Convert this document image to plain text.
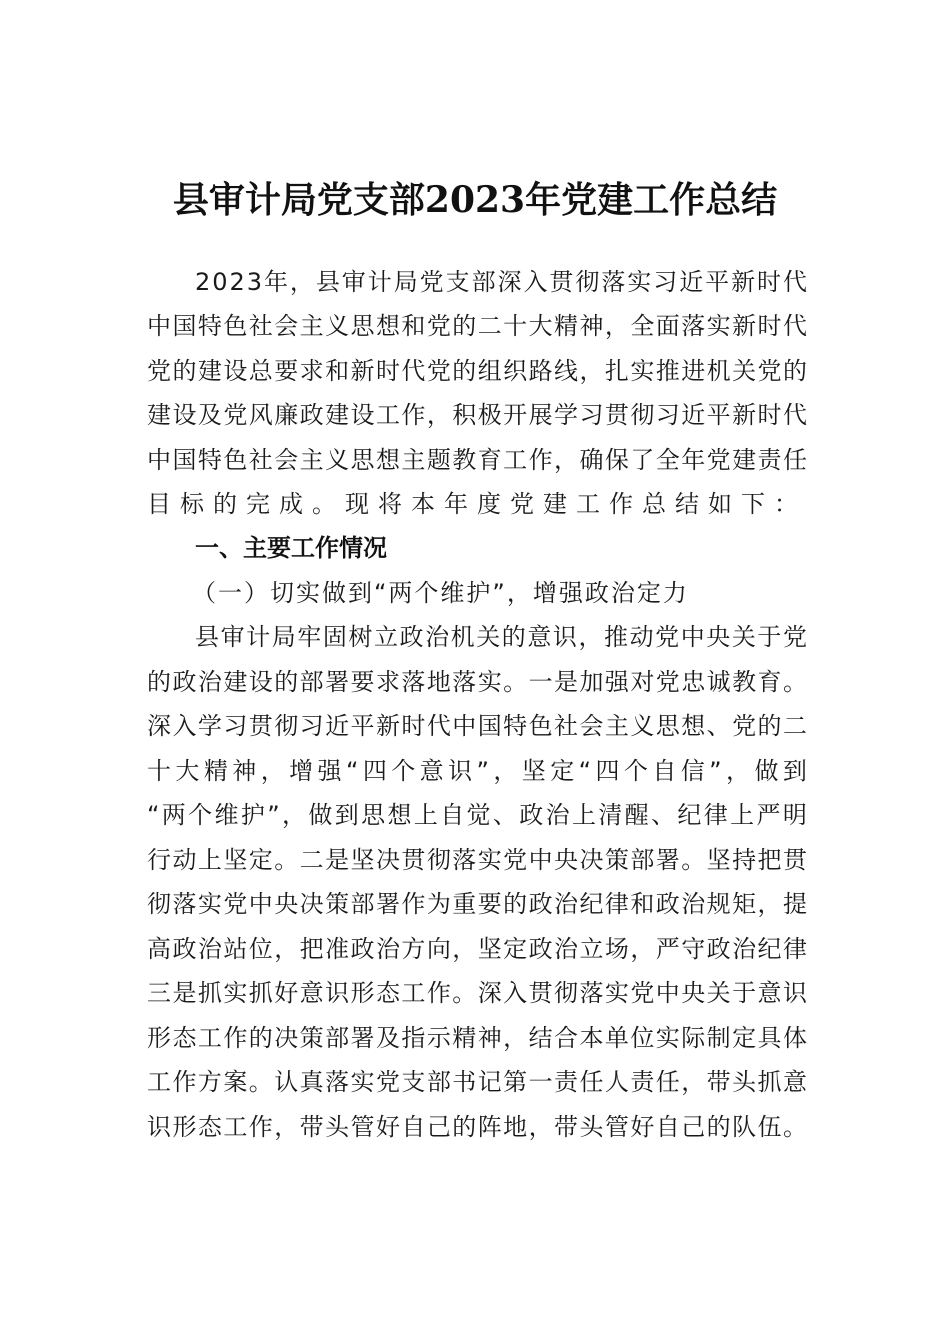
县审计局党支部2023年党建工作总结
2 0 2 3 年 ， 县 审 计 局 党 支 部 深 入 贯 彻 落 实 习 近 平 新 时 代
中 国 特 色 社 会 主 义 思 想 和 党 的 二 十 大 精 神 ， 全 面 落 实 新 时 代
党 的 建 设 总 要 求 和 新 时 代 党 的 组 织 路 线 ， 扎 实 推 进 机 关 党 的
建 设 及 党 风 廉 政 建 设 工 作 ， 积 极 开 展 学 习 贯 彻 习 近 平 新 时 代
中 国 特 色 社 会 主 义 思 想 主 题 教 育 工 作 ， 确 保 了 全 年 党 建 责 任
目标的完成。现将本年度党建工作总结如下：
一、主要工作情况
（一）切实做到“两个维护”，增强政治定力
县 审 计 局 牢 固 树 立 政 治 机 关 的 意 识 ， 推 动 党 中 央 关 于 党
的 政 治 建 设 的 部 署 要 求 落 地 落 实 。 一 是 加 强 对 党 忠 诚 教 育 。
深 入 学 习 贯 彻 习 近 平 新 时 代 中 国 特 色 社 会 主 义 思 想 、 党 的 二
十 大 精 神 ， 增 强 “ 四 个 意 识 ” ， 坚 定 “ 四 个 自 信 ” ， 做 到
“ 两 个 维 护 ” ， 做 到 思 想 上 自 觉 、 政 治 上 清 醒 、 纪 律 上 严 明
行 动 上 坚 定 。 二 是 坚 决 贯 彻 落 实 党 中 央 决 策 部 署 。 坚 持 把 贯
彻 落 实 党 中 央 决 策 部 署 作 为 重 要 的 政 治 纪 律 和 政 治 规 矩 ， 提
高 政 治 站 位 ， 把 准 政 治 方 向 ， 坚 定 政 治 立 场 ， 严 守 政 治 纪 律
三 是 抓 实 抓 好 意 识 形 态 工 作 。 深 入 贯 彻 落 实 党 中 央 关 于 意 识
形 态 工 作 的 决 策 部 署 及 指 示 精 神 ， 结 合 本 单 位 实 际 制 定 具 体
工 作 方 案 。 认 真 落 实 党 支 部 书 记 第 一 责 任 人 责 任 ， 带 头 抓 意
识 形 态 工 作 ， 带 头 管 好 自 己 的 阵 地 ， 带 头 管 好 自 己 的 队 伍 。
